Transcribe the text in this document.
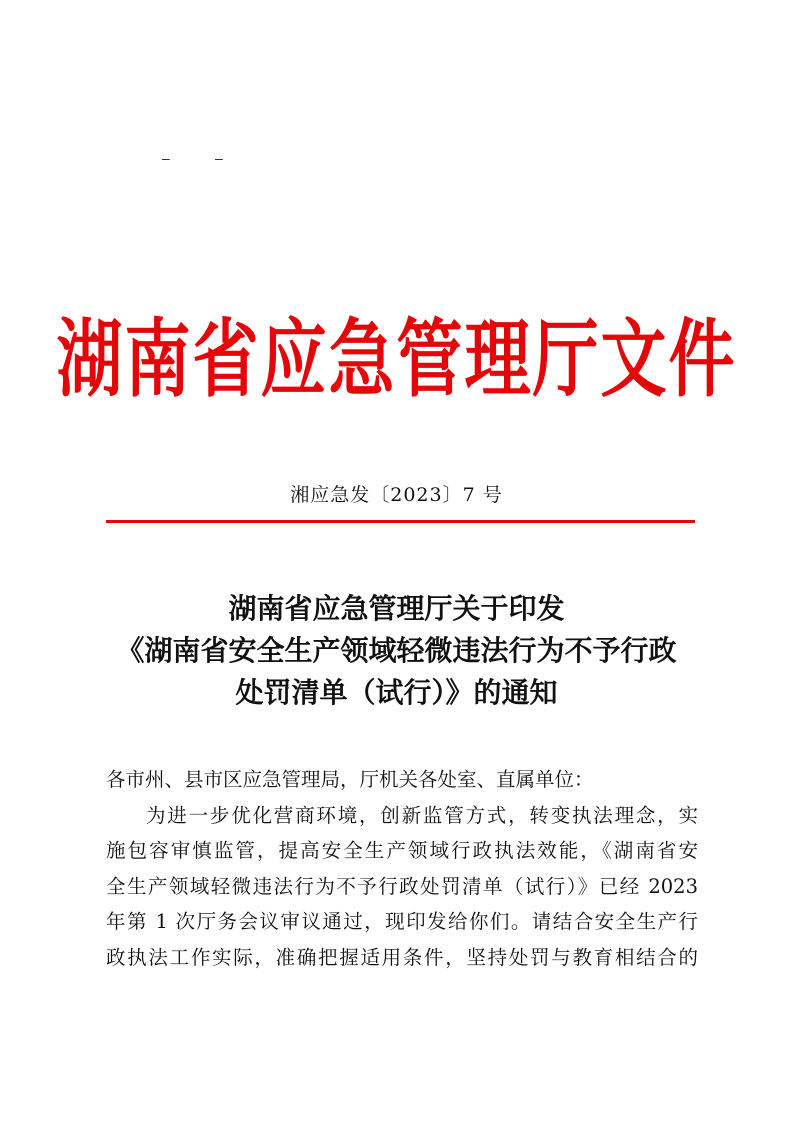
–	–
湖南省应急管理厅文件
湘应急发〔2023〕7 号
湖南省应急管理厅关于印发
《湖南省安全生产领域轻微违法行为不予行政
处罚清单（试行）》的通知
各市州、县市区应急管理局，厅机关各处室、直属单位：
为进一步优化营商环境，创新监管方式，转变执法理念，实
施包容审慎监管，提高安全生产领域行政执法效能，《湖南省安
全生产领域轻微违法行为不予行政处罚清单（试行）》已经 2023
年第 1 次厅务会议审议通过，现印发给你们。请结合安全生产行
政执法工作实际，准确把握适用条件，坚持处罚与教育相结合的
